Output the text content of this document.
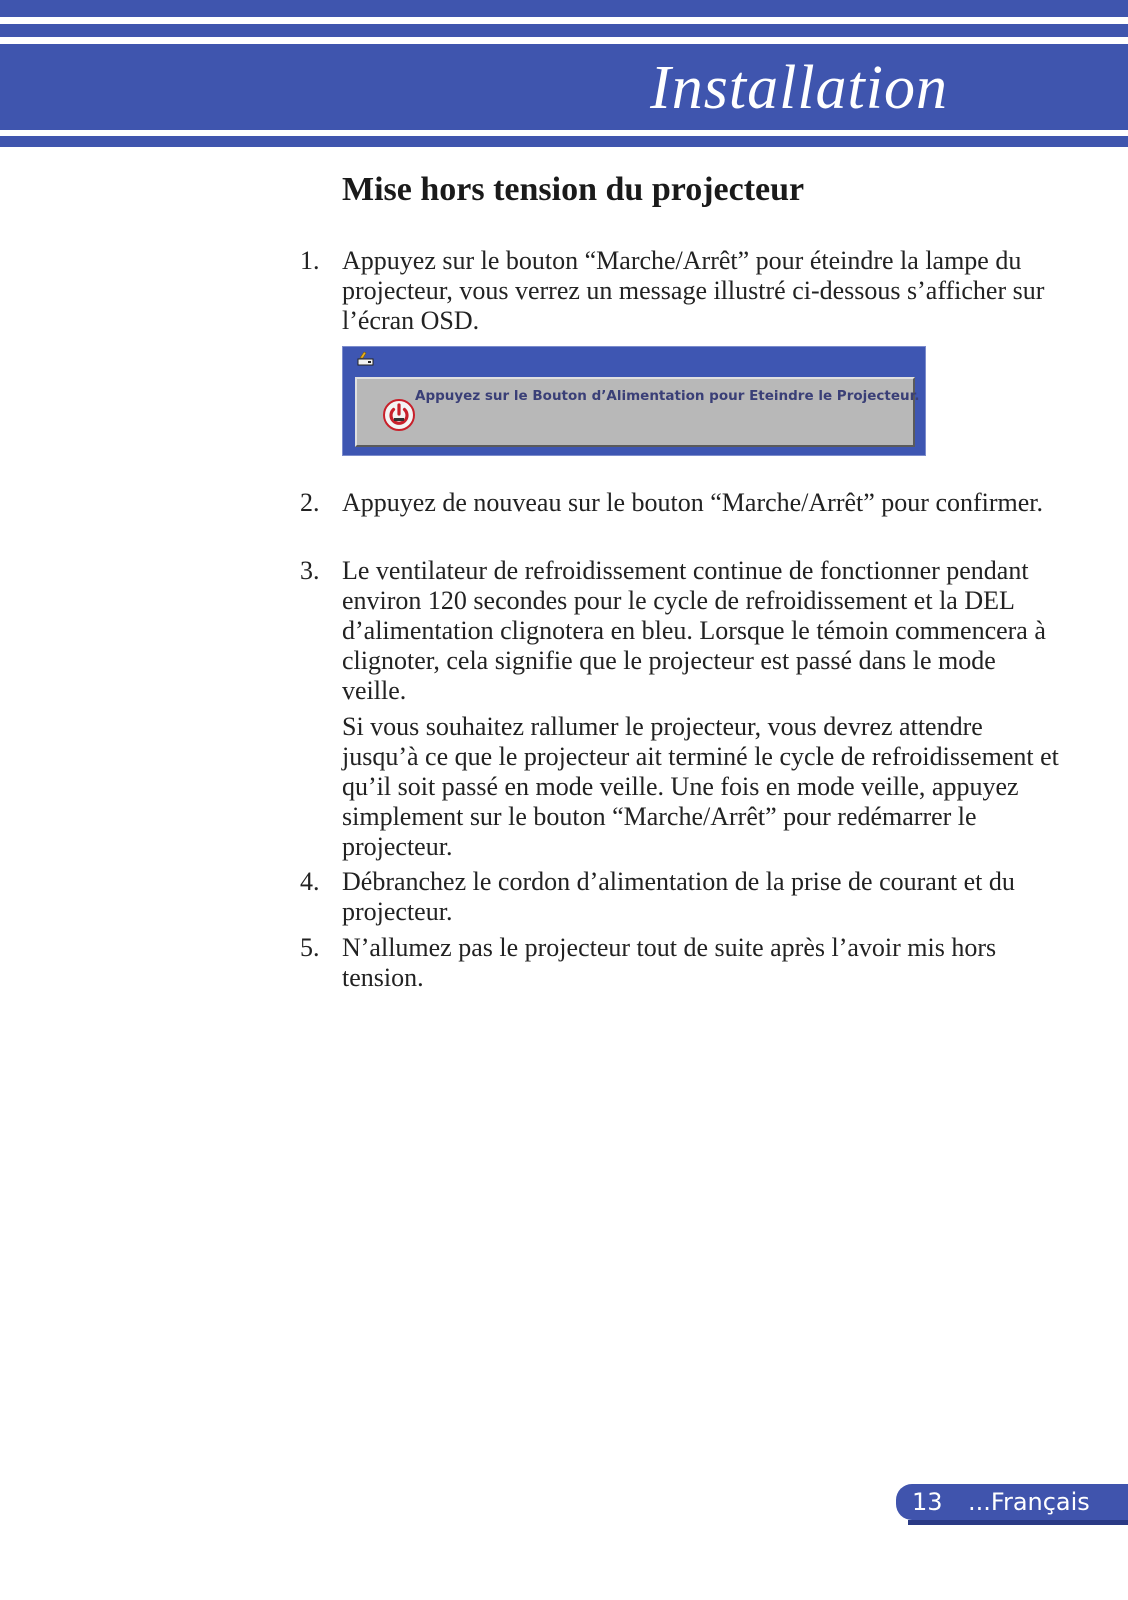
Installation
Mise hors tension du projecteur
1. Appuyez sur le bouton “Marche/Arrêt” pour éteindre la lampe du projecteur, vous verrez un message illustré ci-dessous s’afficher sur l’écran OSD.

Appuyez sur le Bouton d’Alimentation pour Eteindre le Projecteur.
2. Appuyez de nouveau sur le bouton “Marche/Arrêt” pour confirmer.

3. Le ventilateur de refroidissement continue de fonctionner pendant environ 120 secondes pour le cycle de refroidissement et la DEL d’alimentation clignotera en bleu. Lorsque le témoin commencera à clignoter, cela signifie que le projecteur est passé dans le mode veille.

Si vous souhaitez rallumer le projecteur, vous devrez attendre jusqu’à ce que le projecteur ait terminé le cycle de refroidissement et qu’il soit passé en mode veille. Une fois en mode veille, appuyez simplement sur le bouton “Marche/Arrêt” pour redémarrer le projecteur.

4. Débranchez le cordon d’alimentation de la prise de courant et du projecteur.

5. N’allumez pas le projecteur tout de suite après l’avoir mis hors tension.

13 ...Français
